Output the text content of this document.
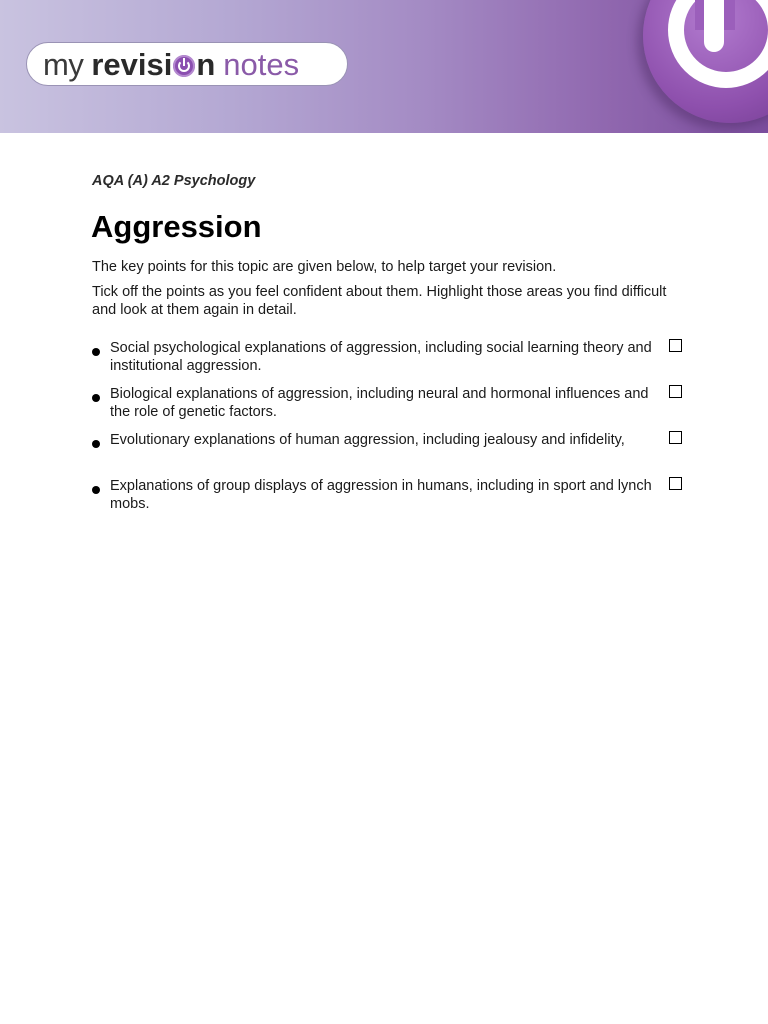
my revisi n notes
AQA (A) A2 Psychology
Aggression

The key points for this topic are given below, to help target your revision.

Tick off the points as you feel confident about them. Highlight those areas you find difficult and look at them again in detail.

Social psychological explanations of aggression, including social learning theory and institutional aggression.
Biological explanations of aggression, including neural and hormonal influences and the role of genetic factors.
Evolutionary explanations of human aggression, including jealousy and infidelity,
Explanations of group displays of aggression in humans, including in sport and lynch mobs.
